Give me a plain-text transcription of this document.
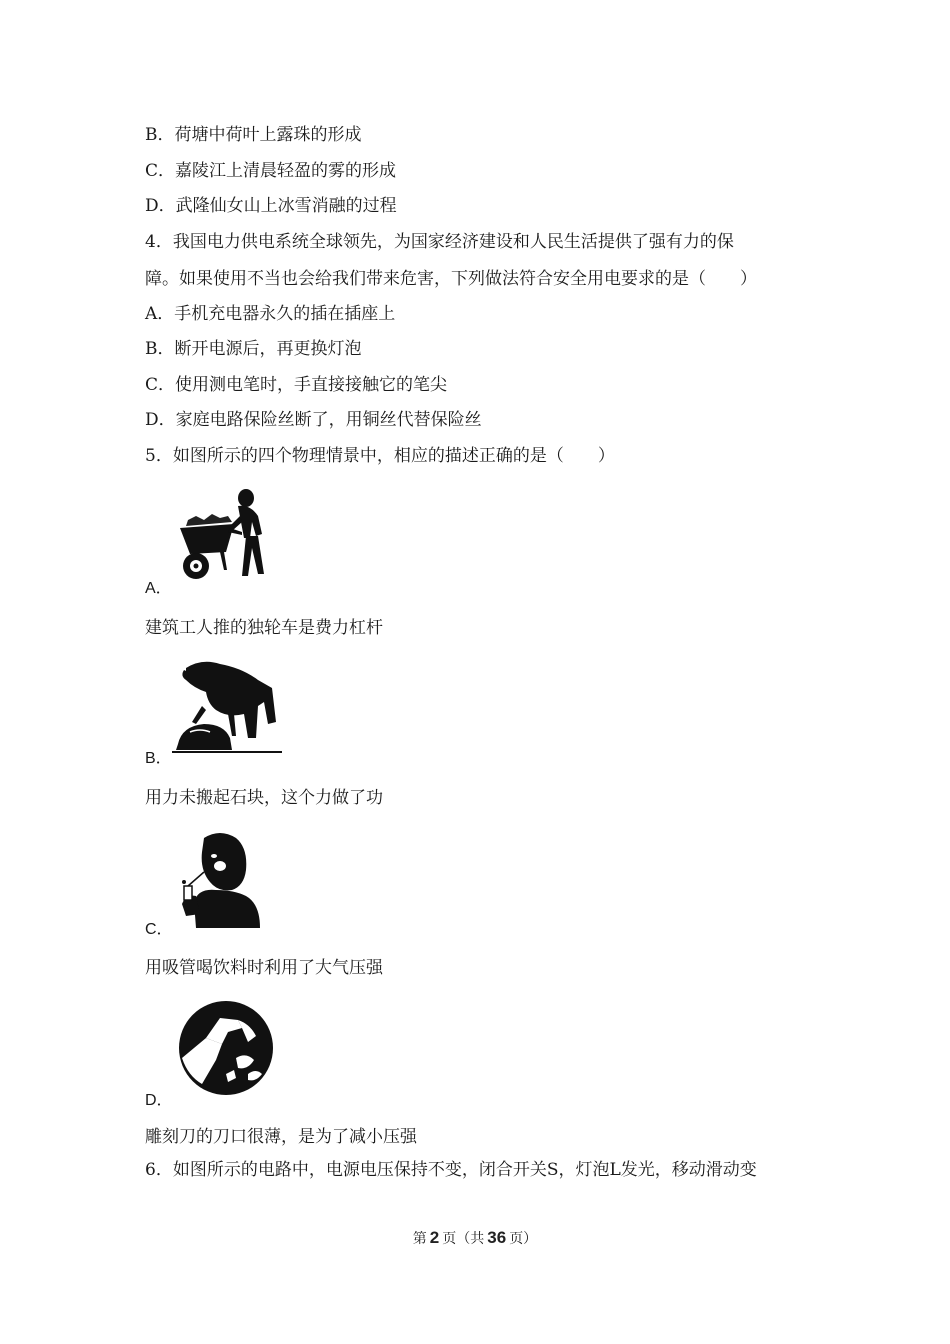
B．荷塘中荷叶上露珠的形成
C．嘉陵江上清晨轻盈的雾的形成
D．武隆仙女山上冰雪消融的过程
4．我国电力供电系统全球领先，为国家经济建设和人民生活提供了强有力的保
障。如果使用不当也会给我们带来危害，下列做法符合安全用电要求的是（　　）
A．手机充电器永久的插在插座上
B．断开电源后，再更换灯泡
C．使用测电笔时，手直接接触它的笔尖
D．家庭电路保险丝断了，用铜丝代替保险丝
5．如图所示的四个物理情景中，相应的描述正确的是（　　）
A．
建筑工人推的独轮车是费力杠杆
B．
用力未搬起石块，这个力做了功
C．
用吸管喝饮料时利用了大气压强
D．
雕刻刀的刀口很薄，是为了减小压强
6．如图所示的电路中，电源电压保持不变，闭合开关S，灯泡L发光，移动滑动变
第 2 页（共 36 页）
